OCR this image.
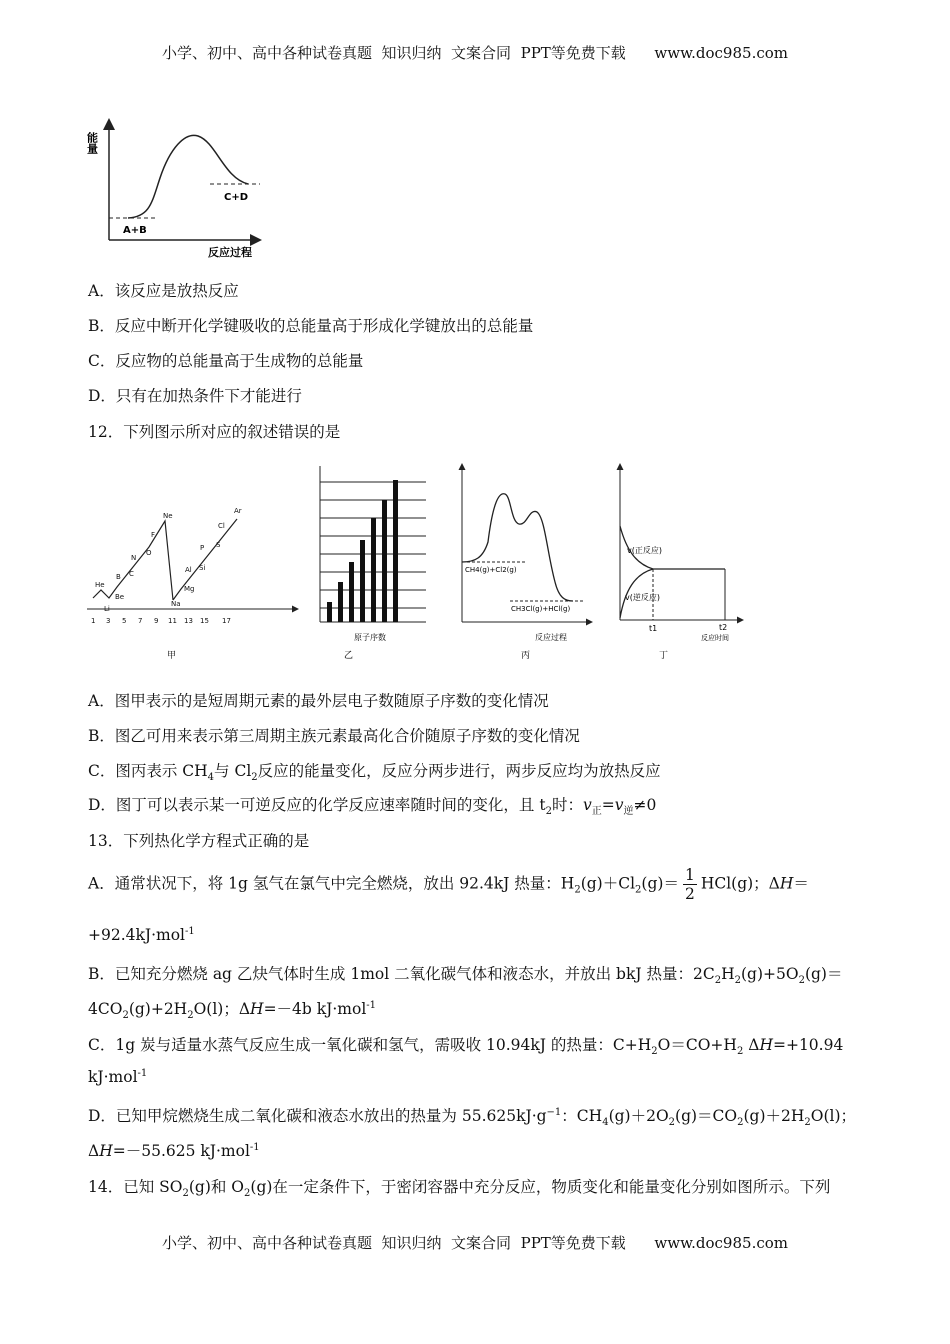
小学、初中、高中各种试卷真题  知识归纳  文案合同  PPT等免费下载      www.doc985.com
能量
A+B
C+D
反应过程
A．该反应是放热反应
B．反应中断开化学键吸收的总能量高于形成化学键放出的总能量
C．反应物的总能量高于生成物的总能量
D．只有在加热条件下才能进行
12．下列图示所对应的叙述错误的是
He
Li
Be
B C
N
O
F
Ne
Na
Mg
Al Si
P S
Cl
Ar
1 3 5 7 9 11 13 15 17
甲
原子序数
乙
CH4(g)+Cl2(g)
CH3Cl(g)+HCl(g)
反应过程
丙
v(正反应)
v(逆反应)
t1	t2
反应时间
丁
A．图甲表示的是短周期元素的最外层电子数随原子序数的变化情况
B．图乙可用来表示第三周期主族元素最高化合价随原子序数的变化情况
C．图丙表示 $CH_4$与 $Cl_2$反应的能量变化，反应分两步进行，两步反应均为放热反应
D．图丁可以表示某一可逆反应的化学反应速率随时间的变化，且 $t_2$时：$v_正=v_逆\ne 0$
13．下列热化学方程式正确的是
A．通常状况下，将 1g 氢气在氯气中完全燃烧，放出 92.4kJ 热量：$H_2(g)+Cl_2(g)= \frac{1}{2} HCl(g)$；ΔH＝
+92.4kJ·mol$^{-1}$
B．已知充分燃烧 ag 乙炔气体时生成 1mol 二氧化碳气体和液态水，并放出 bkJ 热量：$2C_2H_2(g)+5O_2(g)=$
$4CO_2(g)+2H_2O(l)$；ΔH=－4b kJ·mol$^{-1}$
C．1g 炭与适量水蒸气反应生成一氧化碳和氢气，需吸收 10.94kJ 的热量：$C+H_2O=CO+H_2$ ΔH=+10.94
kJ·mol$^{-1}$
D．已知甲烷燃烧生成二氧化碳和液态水放出的热量为 $55.625kJ\cdot g^{-1}$：$CH_4(g)+2O_2(g)=CO_2(g)+2H_2O(l)$；
ΔH=－55.625 kJ·mol$^{-1}$
14．已知 $SO_2(g)$和 $O_2(g)$在一定条件下，于密闭容器中充分反应，物质变化和能量变化分别如图所示。下列
小学、初中、高中各种试卷真题  知识归纳  文案合同  PPT等免费下载      www.doc985.com
